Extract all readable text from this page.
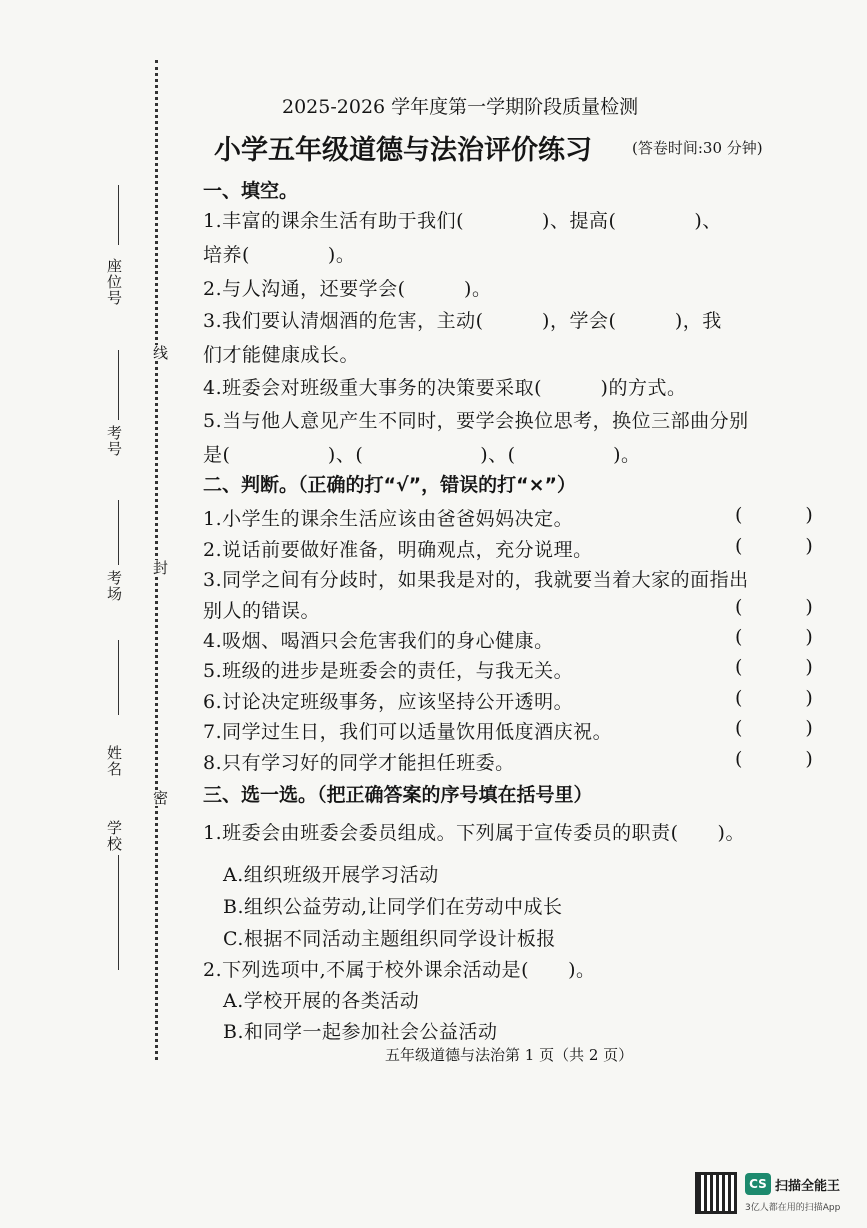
座位号
考号
考场
姓名
学校
线
封
密
2025-2026 学年度第一学期阶段质量检测
小学五年级道德与法治评价练习	(答卷时间:30 分钟)
一、填空。
1.丰富的课余生活有助于我们(　　　　)、提高(　　　　)、
培养(　　　　)。
2.与人沟通，还要学会(　　　)。
3.我们要认清烟酒的危害，主动(　　　)，学会(　　　)，我
们才能健康成长。
4.班委会对班级重大事务的决策要采取(　　　)的方式。
5.当与他人意见产生不同时，要学会换位思考，换位三部曲分别
是(　　　　　)、(　　　　　　)、(　　　　　)。
二、判断。（正确的打“√”，错误的打“×”）
1.小学生的课余生活应该由爸爸妈妈决定。	(　)
2.说话前要做好准备，明确观点，充分说理。	(　)
3.同学之间有分歧时，如果我是对的，我就要当着大家的面指出
别人的错误。	(　)
4.吸烟、喝酒只会危害我们的身心健康。	(　)
5.班级的进步是班委会的责任，与我无关。	(　)
6.讨论决定班级事务，应该坚持公开透明。	(　)
7.同学过生日，我们可以适量饮用低度酒庆祝。	(　)
8.只有学习好的同学才能担任班委。	(　)
三、选一选。（把正确答案的序号填在括号里）
1.班委会由班委会委员组成。下列属于宣传委员的职责(　　)。
A.组织班级开展学习活动
B.组织公益劳动,让同学们在劳动中成长
C.根据不同活动主题组织同学设计板报
2.下列选项中,不属于校外课余活动是(　　)。
A.学校开展的各类活动
B.和同学一起参加社会公益活动
五年级道德与法治第 1 页（共 2 页）
CS 扫描全能王
3亿人都在用的扫描App
